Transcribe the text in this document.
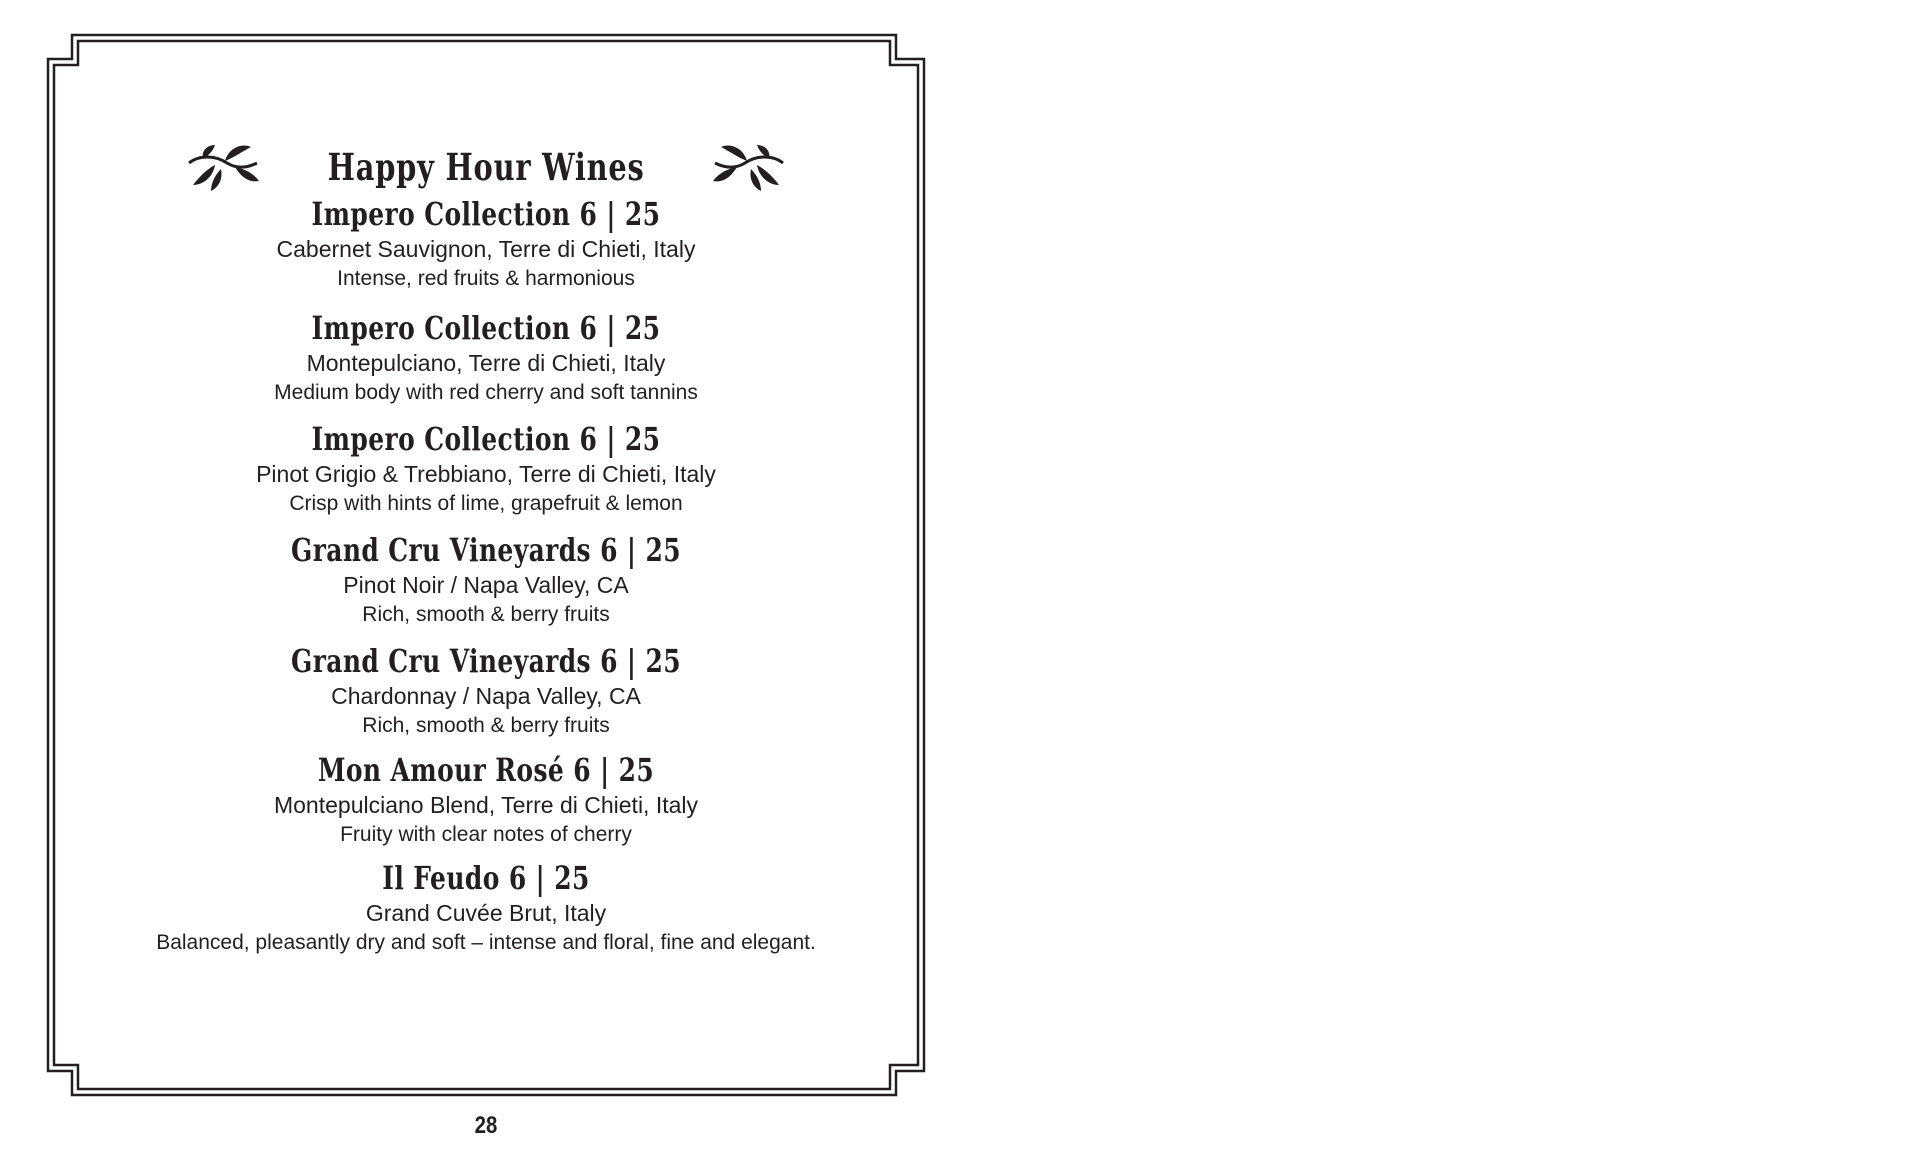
Happy Hour Wines
Impero Collection 6 | 25
Cabernet Sauvignon, Terre di Chieti, Italy
Intense, red fruits & harmonious
Impero Collection 6 | 25
Montepulciano, Terre di Chieti, Italy
Medium body with red cherry and soft tannins
Impero Collection 6 | 25
Pinot Grigio & Trebbiano, Terre di Chieti, Italy
Crisp with hints of lime, grapefruit & lemon
Grand Cru Vineyards 6 | 25
Pinot Noir / Napa Valley, CA
Rich, smooth & berry fruits
Grand Cru Vineyards 6 | 25
Chardonnay / Napa Valley, CA
Rich, smooth & berry fruits
Mon Amour Rosé 6 | 25
Montepulciano Blend, Terre di Chieti, Italy
Fruity with clear notes of cherry
Il Feudo 6 | 25
Grand Cuvée Brut, Italy
Balanced, pleasantly dry and soft – intense and floral, fine and elegant.
28
